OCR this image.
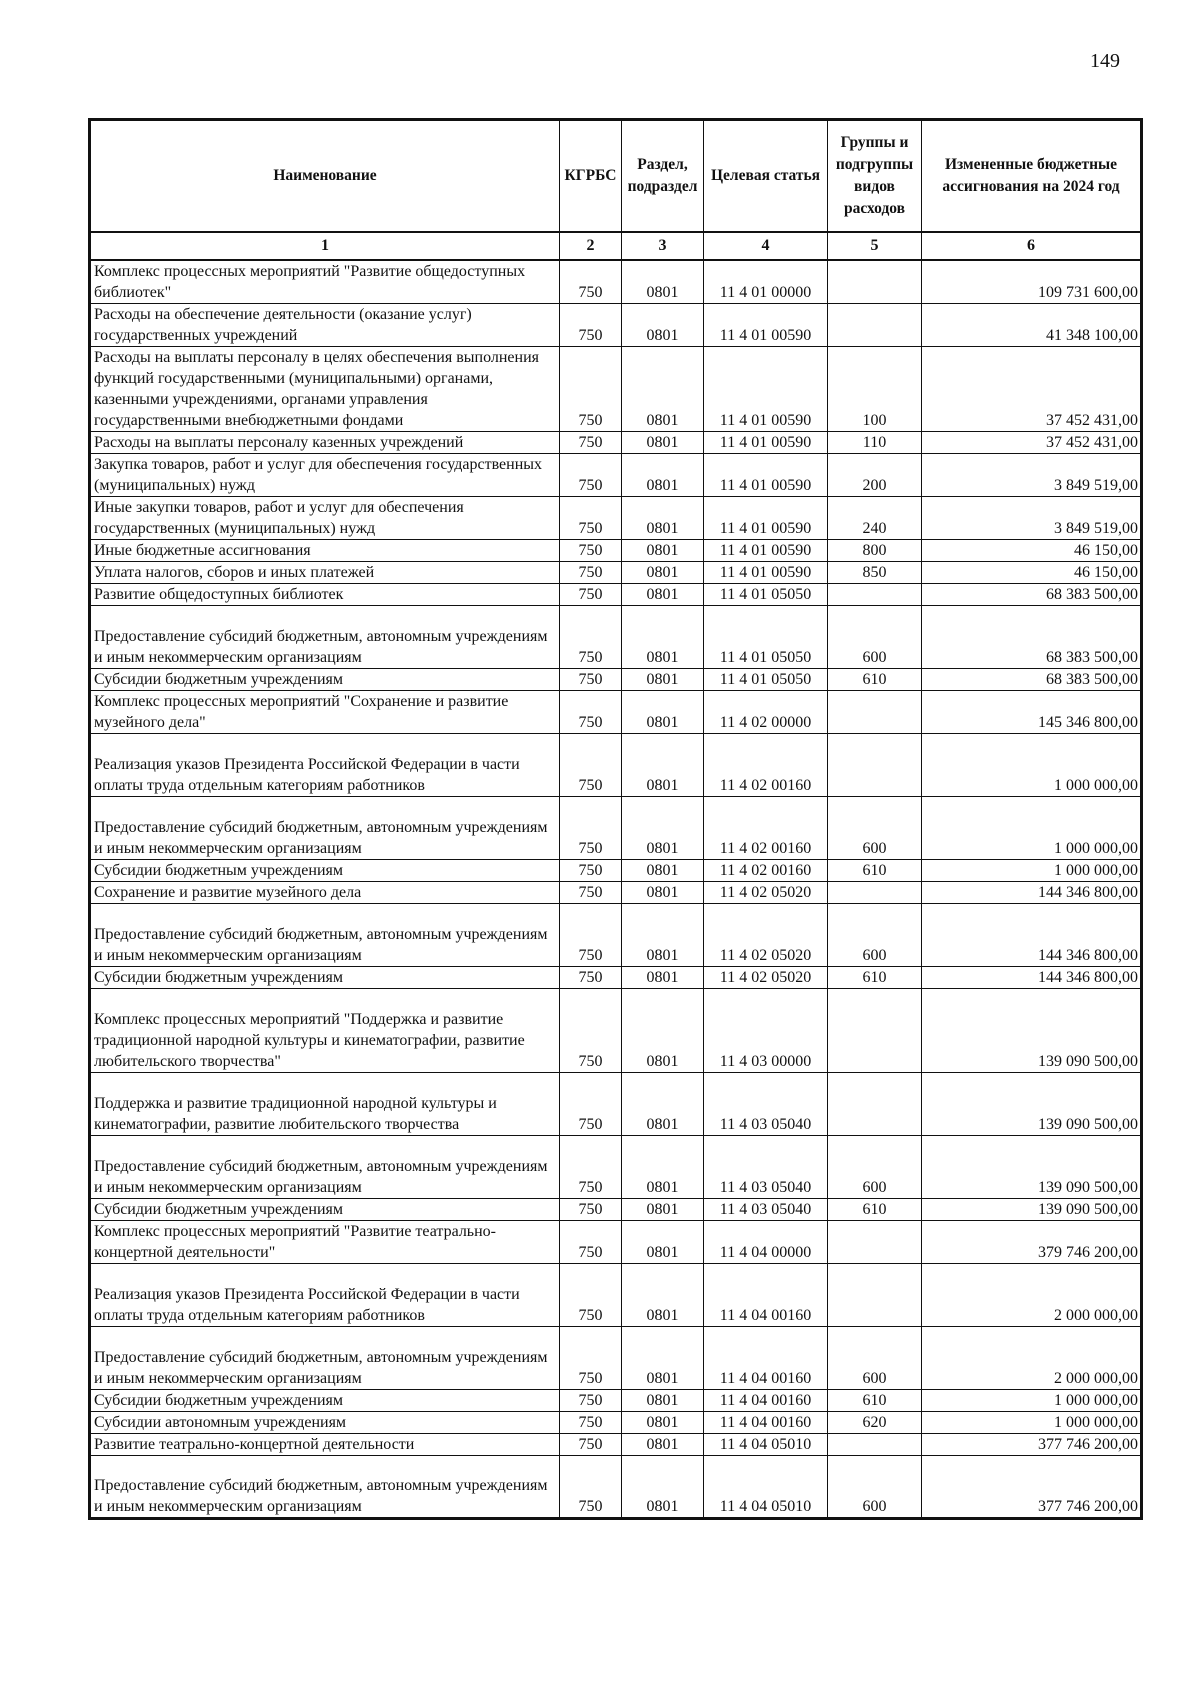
149
Наименование	КГРБС	Раздел, подраздел	Целевая статья	Группы и подгруппы видов расходов	Измененные бюджетные ассигнования на 2024 год
1	2	3	4	5	6
Комплекс процессных мероприятий "Развитие общедоступных библиотек"	750	0801	11 4 01 00000		109 731 600,00
Расходы на обеспечение деятельности (оказание услуг) государственных учреждений	750	0801	11 4 01 00590		41 348 100,00
Расходы на выплаты персоналу в целях обеспечения выполнения функций государственными (муниципальными) органами, казенными учреждениями, органами управления государственными внебюджетными фондами	750	0801	11 4 01 00590	100	37 452 431,00
Расходы на выплаты персоналу казенных учреждений	750	0801	11 4 01 00590	110	37 452 431,00
Закупка товаров, работ и услуг для обеспечения государственных (муниципальных) нужд	750	0801	11 4 01 00590	200	3 849 519,00
Иные закупки товаров, работ и услуг для обеспечения государственных (муниципальных) нужд	750	0801	11 4 01 00590	240	3 849 519,00
Иные бюджетные ассигнования	750	0801	11 4 01 00590	800	46 150,00
Уплата налогов, сборов и иных платежей	750	0801	11 4 01 00590	850	46 150,00
Развитие общедоступных библиотек	750	0801	11 4 01 05050		68 383 500,00
Предоставление субсидий бюджетным, автономным учреждениям и иным некоммерческим организациям	750	0801	11 4 01 05050	600	68 383 500,00
Субсидии бюджетным учреждениям	750	0801	11 4 01 05050	610	68 383 500,00
Комплекс процессных мероприятий "Сохранение и развитие музейного дела"	750	0801	11 4 02 00000		145 346 800,00
Реализация указов Президента Российской Федерации в части оплаты труда отдельным категориям работников	750	0801	11 4 02 00160		1 000 000,00
Предоставление субсидий бюджетным, автономным учреждениям и иным некоммерческим организациям	750	0801	11 4 02 00160	600	1 000 000,00
Субсидии бюджетным учреждениям	750	0801	11 4 02 00160	610	1 000 000,00
Сохранение и развитие музейного дела	750	0801	11 4 02 05020		144 346 800,00
Предоставление субсидий бюджетным, автономным учреждениям и иным некоммерческим организациям	750	0801	11 4 02 05020	600	144 346 800,00
Субсидии бюджетным учреждениям	750	0801	11 4 02 05020	610	144 346 800,00
Комплекс процессных мероприятий "Поддержка и развитие традиционной народной культуры и кинематографии, развитие любительского творчества"	750	0801	11 4 03 00000		139 090 500,00
Поддержка и развитие традиционной народной культуры и кинематографии, развитие любительского творчества	750	0801	11 4 03 05040		139 090 500,00
Предоставление субсидий бюджетным, автономным учреждениям и иным некоммерческим организациям	750	0801	11 4 03 05040	600	139 090 500,00
Субсидии бюджетным учреждениям	750	0801	11 4 03 05040	610	139 090 500,00
Комплекс процессных мероприятий "Развитие театрально-концертной деятельности"	750	0801	11 4 04 00000		379 746 200,00
Реализация указов Президента Российской Федерации в части оплаты труда отдельным категориям работников	750	0801	11 4 04 00160		2 000 000,00
Предоставление субсидий бюджетным, автономным учреждениям и иным некоммерческим организациям	750	0801	11 4 04 00160	600	2 000 000,00
Субсидии бюджетным учреждениям	750	0801	11 4 04 00160	610	1 000 000,00
Субсидии автономным учреждениям	750	0801	11 4 04 00160	620	1 000 000,00
Развитие театрально-концертной деятельности	750	0801	11 4 04 05010		377 746 200,00
Предоставление субсидий бюджетным, автономным учреждениям и иным некоммерческим организациям	750	0801	11 4 04 05010	600	377 746 200,00
